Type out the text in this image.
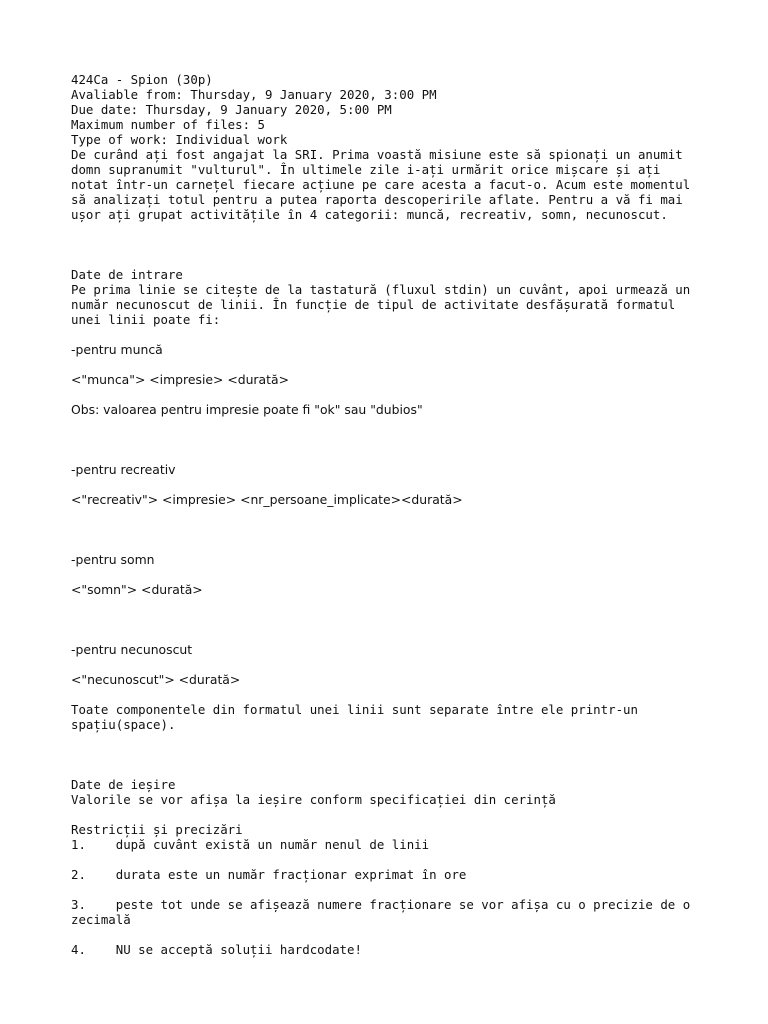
424Ca - Spion (30p)
Avaliable from: Thursday, 9 January 2020, 3:00 PM
Due date: Thursday, 9 January 2020, 5:00 PM
Maximum number of files: 5
Type of work: Individual work
De curând ați fost angajat la SRI. Prima voastă misiune este să spionați un anumit
domn supranumit "vulturul". În ultimele zile i-ați urmărit orice mișcare și ați
notat într-un carnețel fiecare acțiune pe care acesta a facut-o. Acum este momentul
să analizați totul pentru a putea raporta descoperirile aflate. Pentru a vă fi mai
ușor ați grupat activitățile în 4 categorii: muncă, recreativ, somn, necunoscut.
Date de intrare
Pe prima linie se citește de la tastatură (fluxul stdin) un cuvânt, apoi urmează un
număr necunoscut de linii. În funcție de tipul de activitate desfășurată formatul
unei linii poate fi:
-pentru muncă
<"munca"> <impresie> <durată>
Obs: valoarea pentru impresie poate fi "ok" sau "dubios"
-pentru recreativ
<"recreativ"> <impresie> <nr_persoane_implicate><durată>
-pentru somn
<"somn"> <durată>
-pentru necunoscut
<"necunoscut"> <durată>
Toate componentele din formatul unei linii sunt separate între ele printr-un
spațiu(space).
Date de ieșire
Valorile se vor afișa la ieșire conform specificației din cerință
Restricții și precizări
1.    după cuvânt există un număr nenul de linii
2.    durata este un număr fracționar exprimat în ore
3.    peste tot unde se afișează numere fracționare se vor afișa cu o precizie de o
zecimală
4.    NU se acceptă soluții hardcodate!
